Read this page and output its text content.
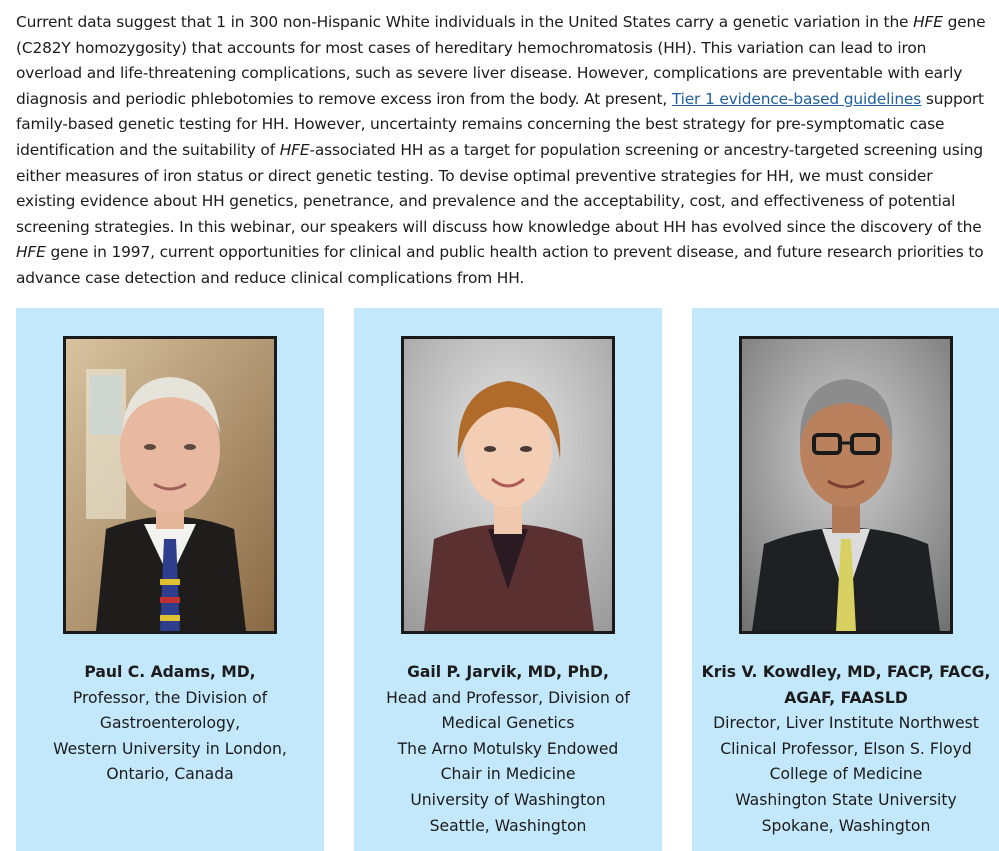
Current data suggest that 1 in 300 non-Hispanic White individuals in the United States carry a genetic variation in the HFE gene (C282Y homozygosity) that accounts for most cases of hereditary hemochromatosis (HH). This variation can lead to iron overload and life-threatening complications, such as severe liver disease. However, complications are preventable with early diagnosis and periodic phlebotomies to remove excess iron from the body. At present, Tier 1 evidence-based guidelines support family-based genetic testing for HH. However, uncertainty remains concerning the best strategy for pre-symptomatic case identification and the suitability of HFE-associated HH as a target for population screening or ancestry-targeted screening using either measures of iron status or direct genetic testing. To devise optimal preventive strategies for HH, we must consider existing evidence about HH genetics, penetrance, and prevalence and the acceptability, cost, and effectiveness of potential screening strategies. In this webinar, our speakers will discuss how knowledge about HH has evolved since the discovery of the HFE gene in 1997, current opportunities for clinical and public health action to prevent disease, and future research priorities to advance case detection and reduce clinical complications from HH.

Paul C. Adams, MD,
Professor, the Division of
Gastroenterology,
Western University in London,
Ontario, Canada
Gail P. Jarvik, MD, PhD,
Head and Professor, Division of
Medical Genetics
The Arno Motulsky Endowed
Chair in Medicine
University of Washington
Seattle, Washington
Kris V. Kowdley, MD, FACP, FACG, AGAF, FAASLD
Director, Liver Institute Northwest
Clinical Professor, Elson S. Floyd
College of Medicine
Washington State University
Spokane, Washington
